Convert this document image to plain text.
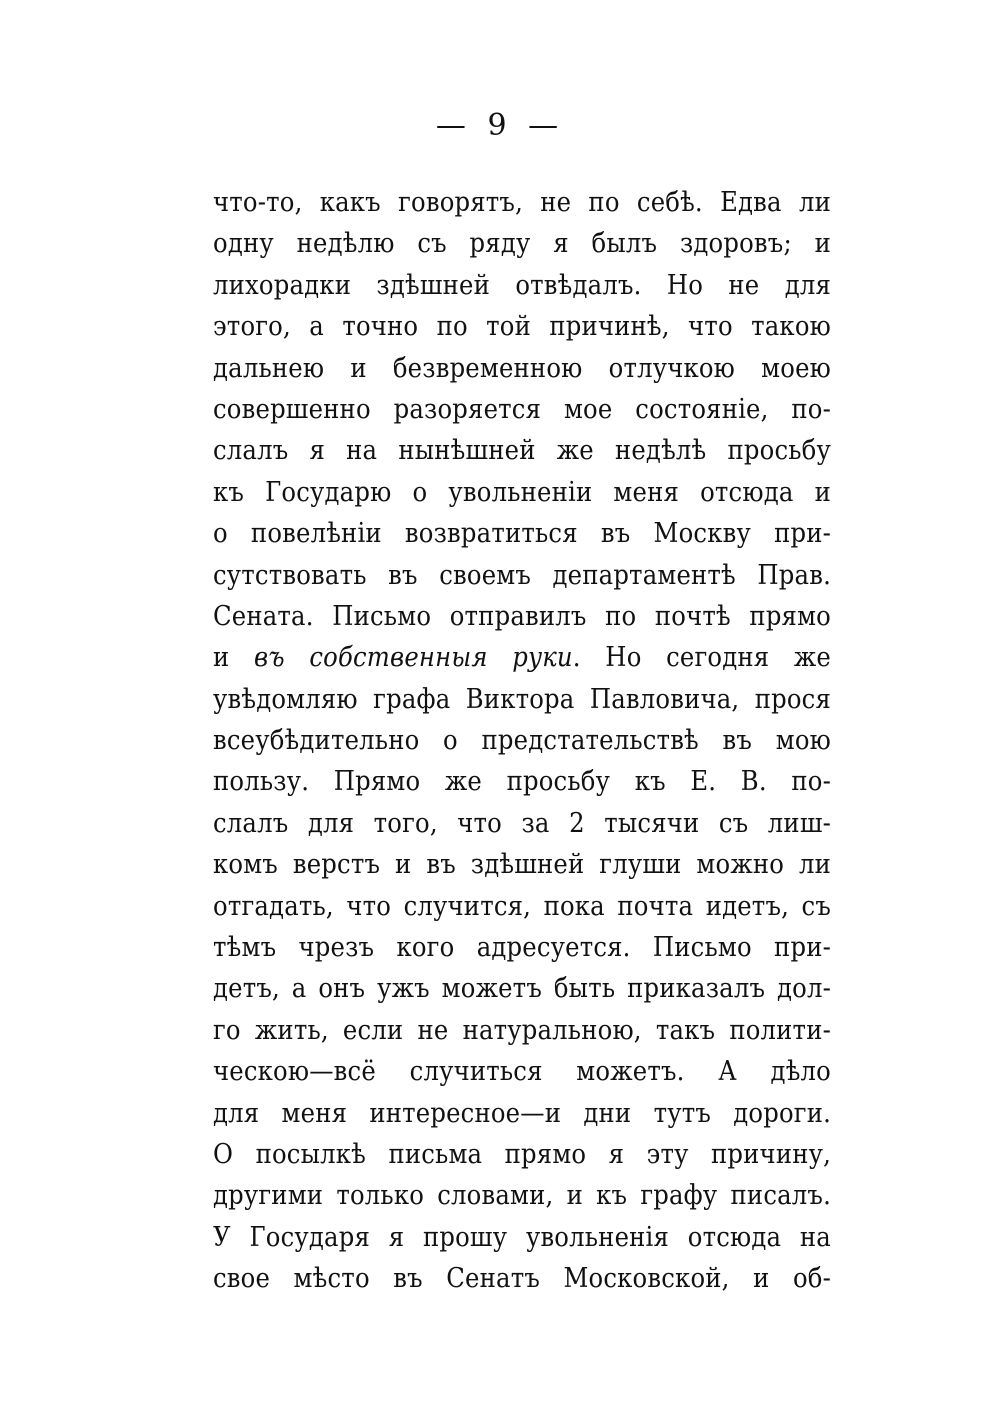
— 9 —
что-то, какъ говорятъ, не по себѣ. Едва ли
одну недѣлю съ ряду я былъ здоровъ; и
лихорадки здѣшней отвѣдалъ. Но не для
этого, а точно по той причинѣ, что такою
дальнею и безвременною отлучкою моею
совершенно разоряется мое состояніе, по-
слалъ я на нынѣшней же недѣлѣ просьбу
къ Государю о увольненіи меня отсюда и
о повелѣніи возвратиться въ Москву при-
сутствовать въ своемъ департаментѣ Прав.
Сената. Письмо отправилъ по почтѣ прямо
и въ собственныя руки. Но сегодня же
увѣдомляю графа Виктора Павловича, прося
всеубѣдительно о предстательствѣ въ мою
пользу. Прямо же просьбу къ Е. В. по-
слалъ для того, что за 2 тысячи съ лиш-
комъ верстъ и въ здѣшней глуши можно ли
отгадать, что случится, пока почта идетъ, съ
тѣмъ чрезъ кого адресуется. Письмо при-
детъ, а онъ ужъ можетъ быть приказалъ дол-
го жить, если не натуральною, такъ полити-
ческою—всё случиться можетъ. А дѣло
для меня интересное—и дни тутъ дороги.
О посылкѣ письма прямо я эту причину,
другими только словами, и къ графу писалъ.
У Государя я прошу увольненія отсюда на
свое мѣсто въ Сенатъ Московской, и об-
